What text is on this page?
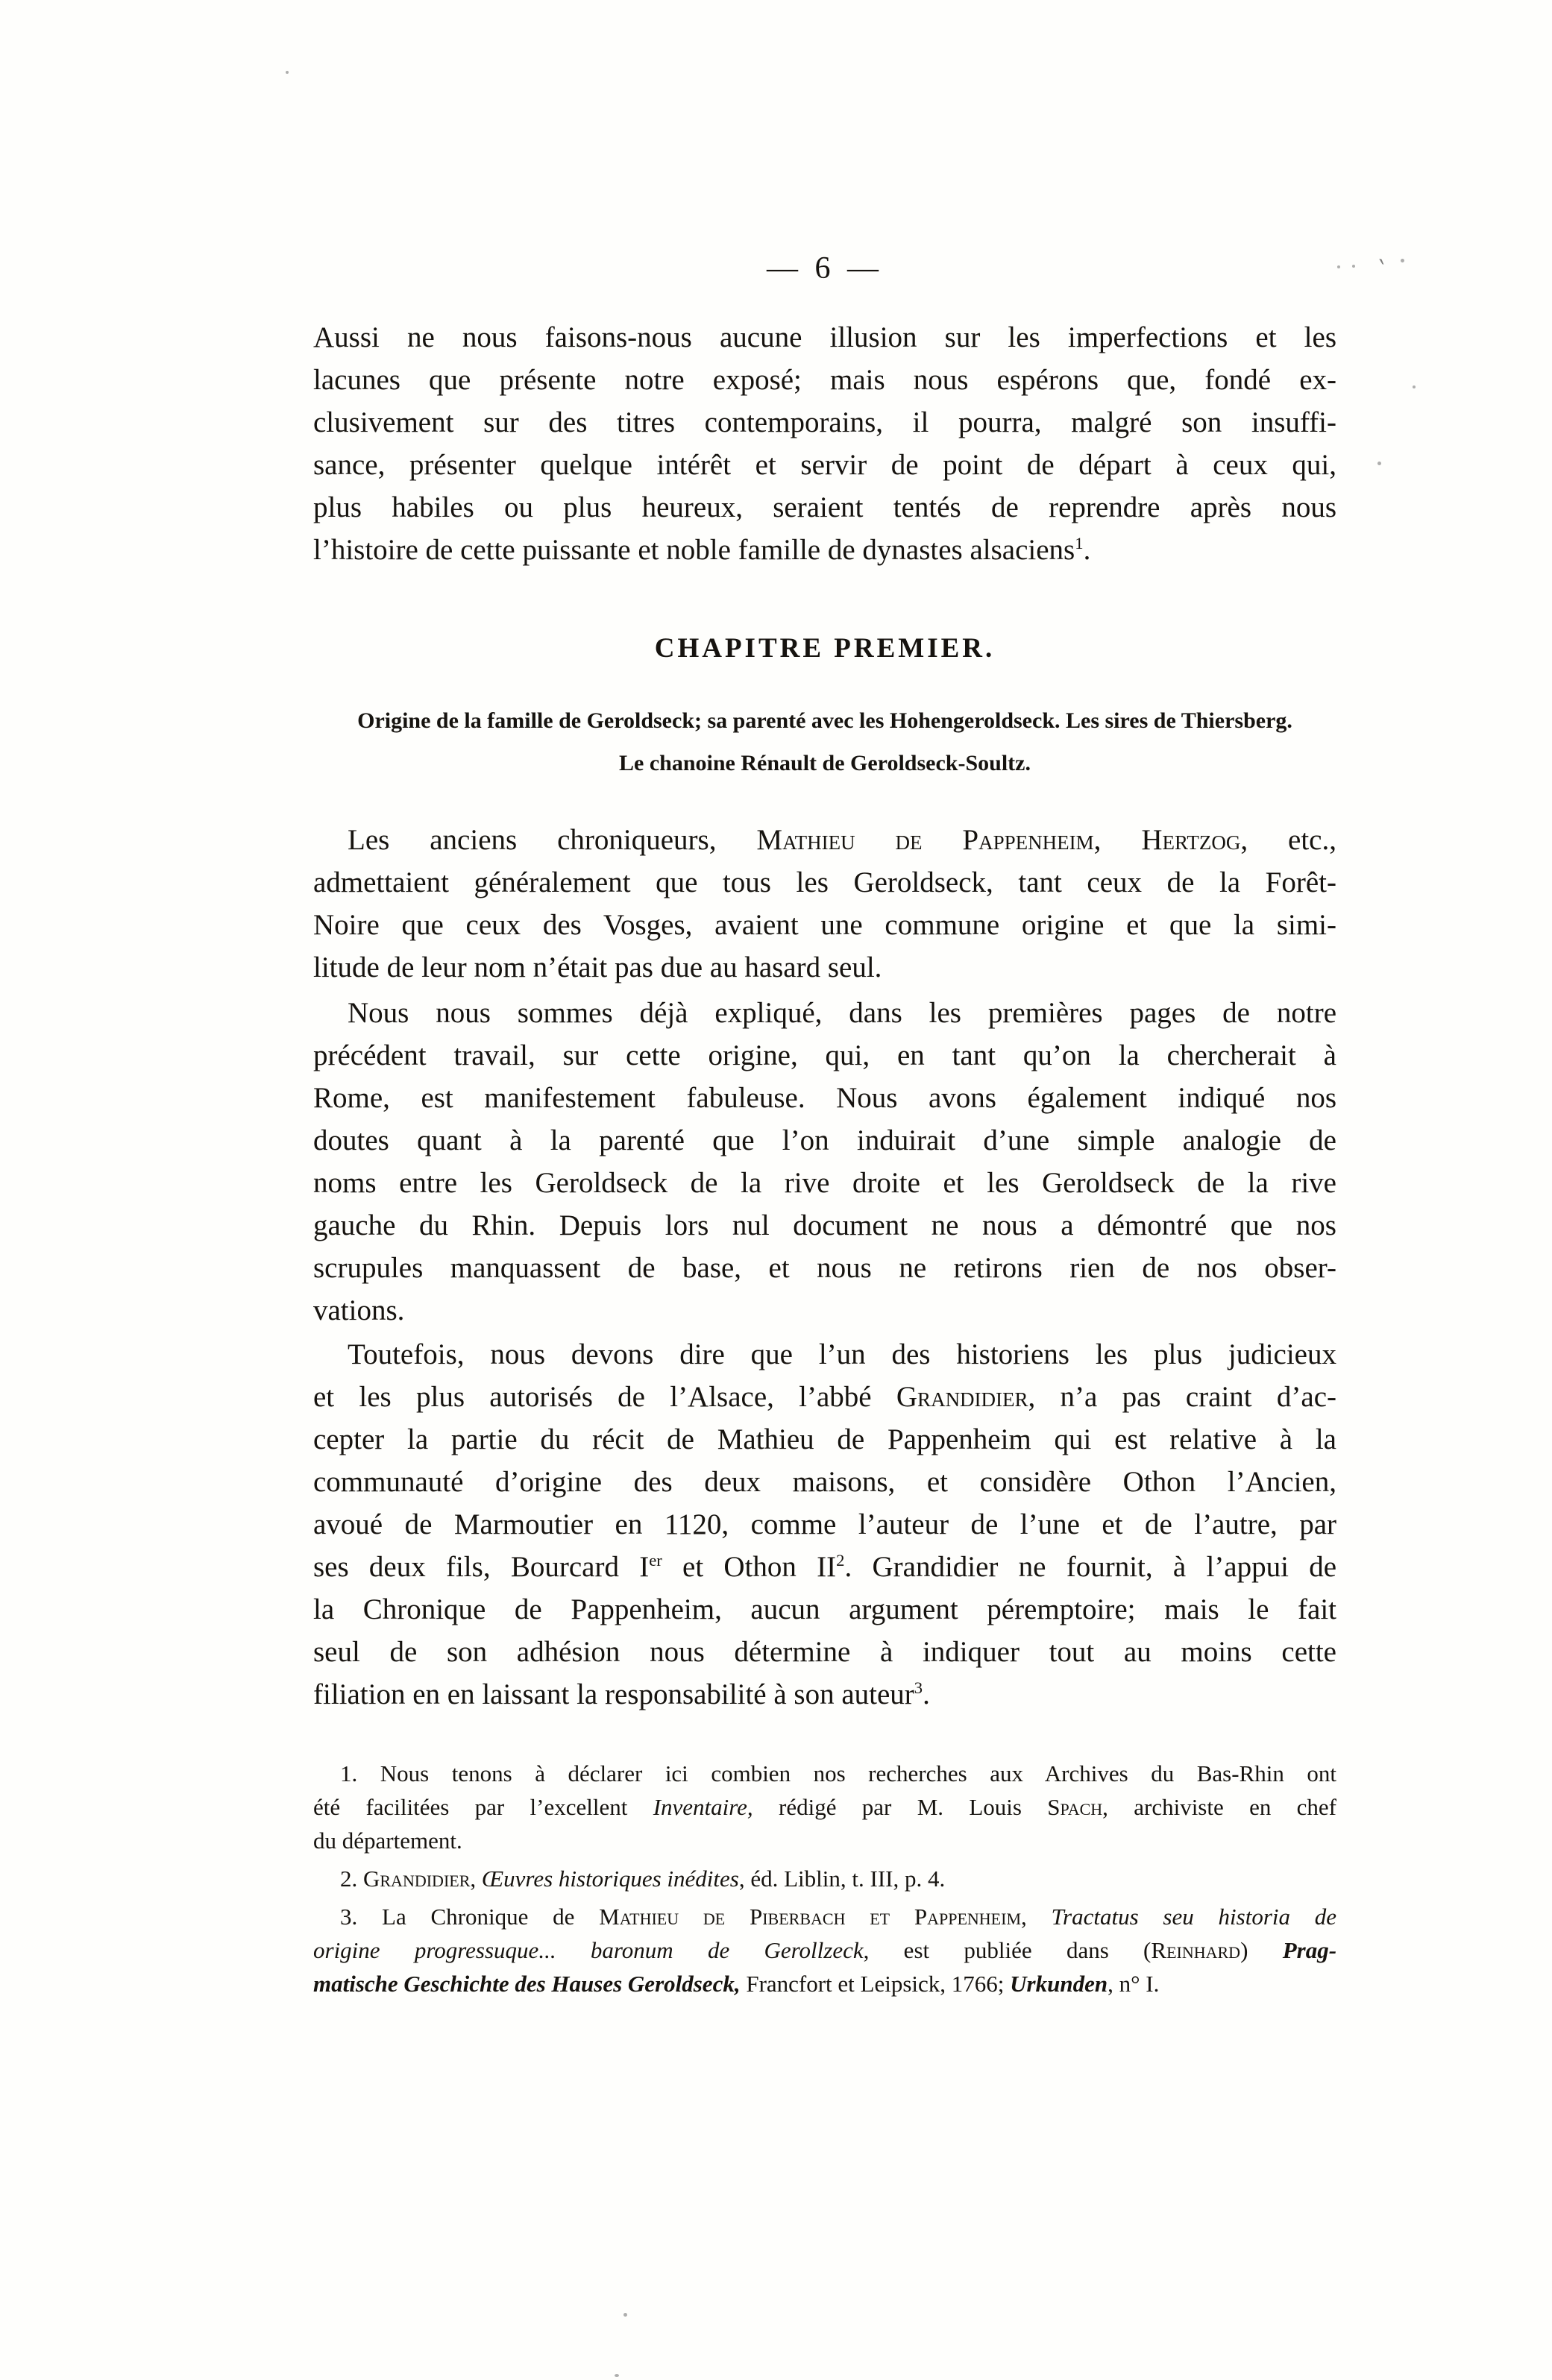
`
— 6 —
Aussi ne nous faisons-nous aucune illusion sur les imperfections et les
lacunes que présente notre exposé; mais nous espérons que, fondé ex-
clusivement sur des titres contemporains, il pourra, malgré son insuffi-
sance, présenter quelque intérêt et servir de point de départ à ceux qui,
plus habiles ou plus heureux, seraient tentés de reprendre après nous
l’histoire de cette puissante et noble famille de dynastes alsaciens$^1$.
CHAPITRE PREMIER.
Origine de la famille de Geroldseck; sa parenté avec les Hohengeroldseck. Les sires de Thiersberg.
Le chanoine Rénault de Geroldseck-Soultz.
Les anciens chroniqueurs, Mathieu de Pappenheim, Hertzog, etc.,
admettaient généralement que tous les Geroldseck, tant ceux de la Forêt-
Noire que ceux des Vosges, avaient une commune origine et que la simi-
litude de leur nom n’était pas due au hasard seul.
Nous nous sommes déjà expliqué, dans les premières pages de notre
précédent travail, sur cette origine, qui, en tant qu’on la chercherait à
Rome, est manifestement fabuleuse. Nous avons également indiqué nos
doutes quant à la parenté que l’on induirait d’une simple analogie de
noms entre les Geroldseck de la rive droite et les Geroldseck de la rive
gauche du Rhin. Depuis lors nul document ne nous a démontré que nos
scrupules manquassent de base, et nous ne retirons rien de nos obser-
vations.
Toutefois, nous devons dire que l’un des historiens les plus judicieux
et les plus autorisés de l’Alsace, l’abbé Grandidier, n’a pas craint d’ac-
cepter la partie du récit de Mathieu de Pappenheim qui est relative à la
communauté d’origine des deux maisons, et considère Othon l’Ancien,
avoué de Marmoutier en 1120, comme l’auteur de l’une et de l’autre, par
ses deux fils, Bourcard Ier et Othon $II^2$. Grandidier ne fournit, à l’appui de
la Chronique de Pappenheim, aucun argument péremptoire; mais le fait
seul de son adhésion nous détermine à indiquer tout au moins cette
filiation en en laissant la responsabilité à son auteur$^3$.
1. Nous tenons à déclarer ici combien nos recherches aux Archives du Bas-Rhin ont
été facilitées par l’excellent Inventaire, rédigé par M. Louis Spach, archiviste en chef
du département.
2. Grandidier, Œuvres historiques inédites, éd. Liblin, t. III, p. 4.
3. La Chronique de Mathieu de Piberbach et Pappenheim, Tractatus seu historia de
origine progressuque... baronum de Gerollzeck, est publiée dans (Reinhard) Prag-
matische Geschichte des Hauses Geroldseck, Francfort et Leipsick, 1766; Urkunden, n° I.
